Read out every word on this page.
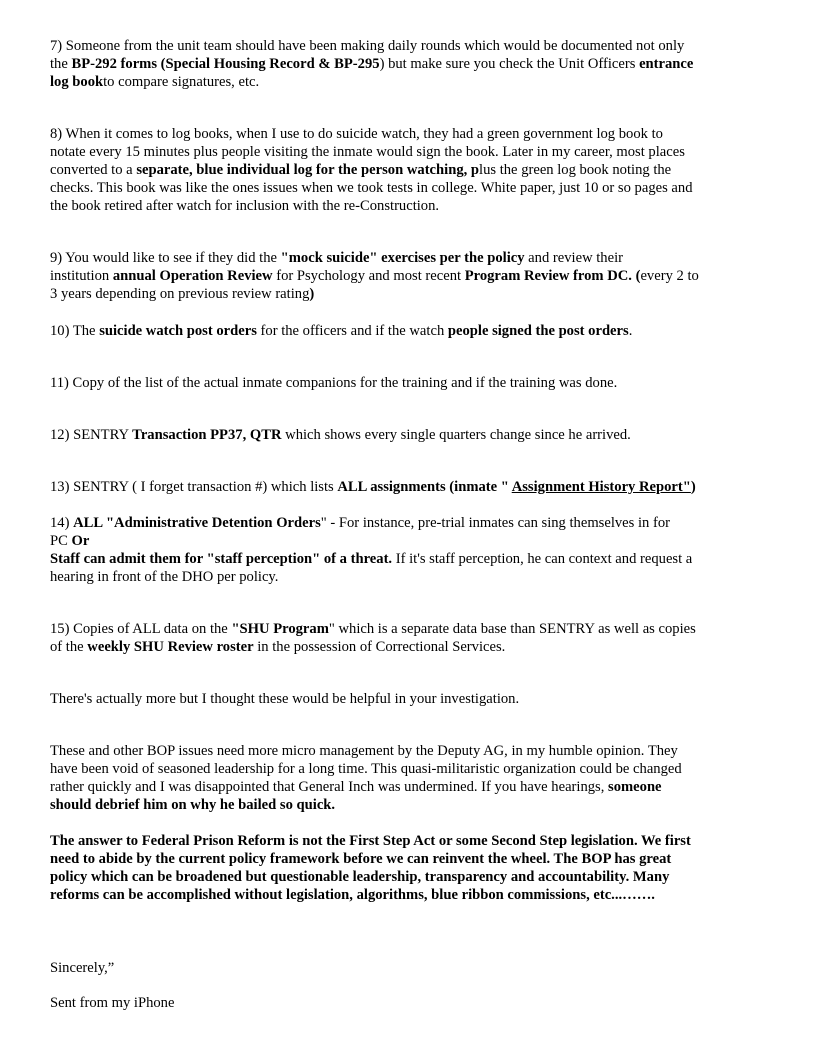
7) Someone from the unit team should have been making daily rounds which would be documented not only
the BP-292 forms (Special Housing Record & BP-295) but make sure you check the Unit Officers entrance
log bookto compare signatures, etc.

8) When it comes to log books, when I use to do suicide watch, they had a green government log book to
notate every 15 minutes plus people visiting the inmate would sign the book. Later in my career, most places
converted to a separate, blue individual log for the person watching, plus the green log book noting the
checks. This book was like the ones issues when we took tests in college. White paper, just 10 or so pages and
the book retired after watch for inclusion with the re-Construction.

9) You would like to see if they did the "mock suicide" exercises per the policy and review their
institution annual Operation Review for Psychology and most recent Program Review from DC. (every 2 to
3 years depending on previous review rating)

10) The suicide watch post orders for the officers and if the watch people signed the post orders.

11) Copy of the list of the actual inmate companions for the training and if the training was done.

12) SENTRY Transaction PP37, QTR which shows every single quarters change since he arrived.

13) SENTRY ( I forget transaction #) which lists ALL assignments (inmate " Assignment History Report")

14) ALL "Administrative Detention Orders" - For instance, pre-trial inmates can sing themselves in for
PC Or
Staff can admit them for "staff perception" of a threat. If it's staff perception, he can context and request a
hearing in front of the DHO per policy.

15) Copies of ALL data on the "SHU Program" which is a separate data base than SENTRY as well as copies
of the weekly SHU Review roster in the possession of Correctional Services.

There's actually more but I thought these would be helpful in your investigation.

These and other BOP issues need more micro management by the Deputy AG, in my humble opinion. They
have been void of seasoned leadership for a long time. This quasi-militaristic organization could be changed
rather quickly and I was disappointed that General Inch was undermined. If you have hearings, someone
should debrief him on why he bailed so quick.

The answer to Federal Prison Reform is not the First Step Act or some Second Step legislation. We first
need to abide by the current policy framework before we can reinvent the wheel. The BOP has great
policy which can be broadened but questionable leadership, transparency and accountability. Many
reforms can be accomplished without legislation, algorithms, blue ribbon commissions, etc...…….

Sincerely,”

Sent from my iPhone
